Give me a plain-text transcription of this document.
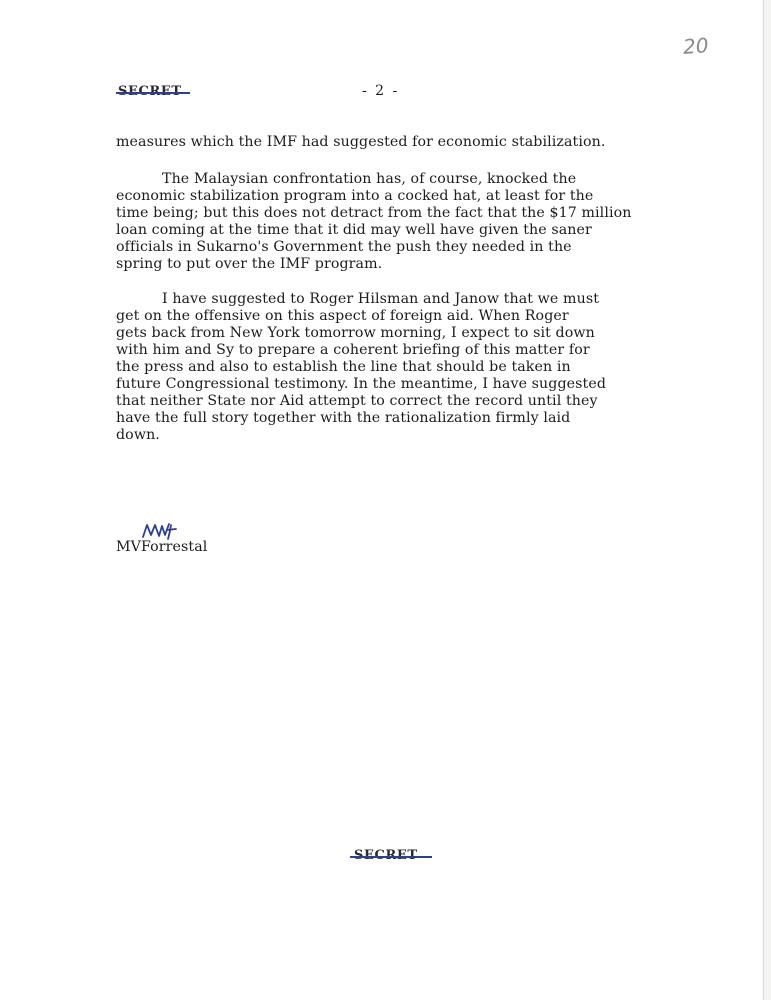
20
SECRET	- 2 -
measures which the IMF had suggested for economic stabilization.
The Malaysian confrontation has, of course, knocked the
economic stabilization program into a cocked hat, at least for the
time being; but this does not detract from the fact that the $17 million
loan coming at the time that it did may well have given the saner
officials in Sukarno's Government the push they needed in the
spring to put over the IMF program.
I have suggested to Roger Hilsman and Janow that we must
get on the offensive on this aspect of foreign aid. When Roger
gets back from New York tomorrow morning, I expect to sit down
with him and Sy to prepare a coherent briefing of this matter for
the press and also to establish the line that should be taken in
future Congressional testimony. In the meantime, I have suggested
that neither State nor Aid attempt to correct the record until they
have the full story together with the rationalization firmly laid
down.
MVForrestal
SECRET
